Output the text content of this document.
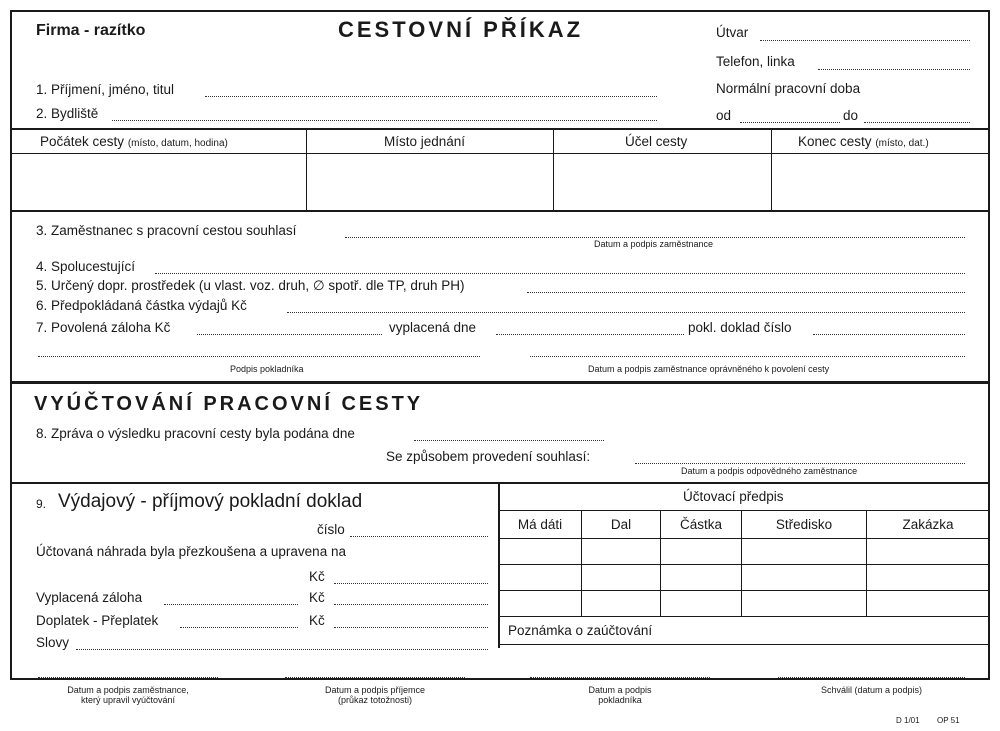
Firma - razítko	CESTOVNÍ PŘÍKAZ	Útvar
Telefon, linka
Normální pracovní doba
od	do
1. Příjmení, jméno, titul
2. Bydliště
Počátek cesty (místo, datum, hodina)	Místo jednání	Účel cesty	Konec cesty (místo, dat.)
3. Zaměstnanec s pracovní cestou souhlasí
Datum a podpis zaměstnance
4. Spolucestující
5. Určený dopr. prostředek (u vlast. voz. druh, ∅ spotř. dle TP, druh PH)
6. Předpokládaná částka výdajů Kč
7. Povolená záloha Kč	vyplacená dne	pokl. doklad číslo
Podpis pokladníka	Datum a podpis zaměstnance oprávněného k povolení cesty
VYÚČTOVÁNÍ PRACOVNÍ CESTY
8. Zpráva o výsledku pracovní cesty byla podána dne
Se způsobem provedení souhlasí:
Datum a podpis odpovědného zaměstnance
9. Výdajový - příjmový pokladní doklad
číslo
Účtovaná náhrada byla přezkoušena a upravena na
Kč
Vyplacená záloha	Kč
Doplatek - Přeplatek	Kč
Slovy
Účtovací předpis
Má dáti	Dal	Částka	Středisko	Zakázka

Poznámka o zaúčtování				
Datum a podpis zaměstnance,
který upravil vyúčtování
Datum a podpis příjemce
(průkaz totožnosti)
Datum a podpis
pokladníka
Schválil (datum a podpis)
D 1/01 OP 51
